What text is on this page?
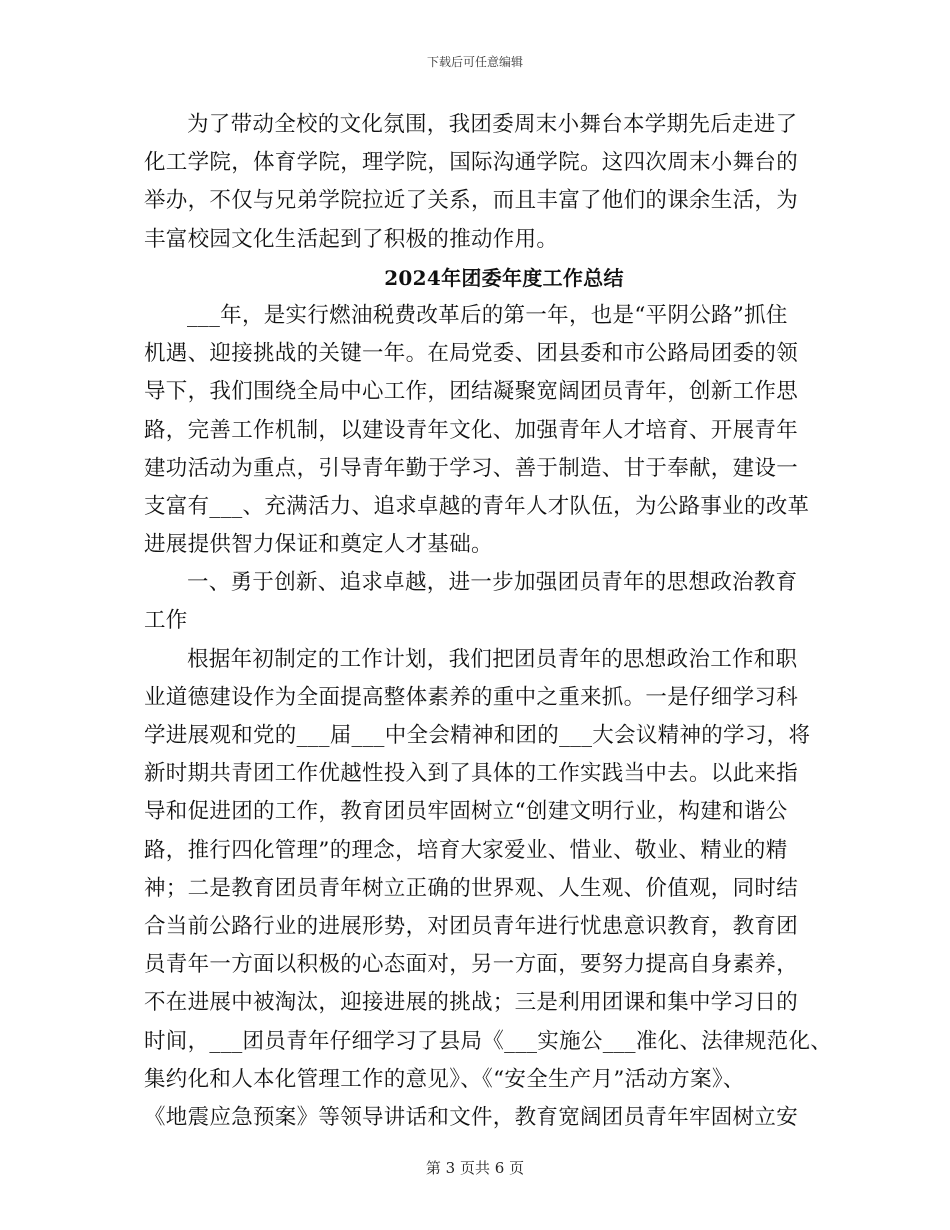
下载后可任意编辑
为了带动全校的文化氛围，我团委周末小舞台本学期先后走进了
化工学院，体育学院，理学院，国际沟通学院。这四次周末小舞台的
举办，不仅与兄弟学院拉近了关系，而且丰富了他们的课余生活，为
丰富校园文化生活起到了积极的推动作用。
2024年团委年度工作总结
___年，是实行燃油税费改革后的第一年，也是“平阴公路”抓住
机遇、迎接挑战的关键一年。在局党委、团县委和市公路局团委的领
导下，我们围绕全局中心工作，团结凝聚宽阔团员青年，创新工作思
路，完善工作机制，以建设青年文化、加强青年人才培育、开展青年
建功活动为重点，引导青年勤于学习、善于制造、甘于奉献，建设一
支富有___、充满活力、追求卓越的青年人才队伍，为公路事业的改革
进展提供智力保证和奠定人才基础。
一、勇于创新、追求卓越，进一步加强团员青年的思想政治教育
工作
根据年初制定的工作计划，我们把团员青年的思想政治工作和职
业道德建设作为全面提高整体素养的重中之重来抓。一是仔细学习科
学进展观和党的___届___中全会精神和团的___大会议精神的学习，将
新时期共青团工作优越性投入到了具体的工作实践当中去。以此来指
导和促进团的工作，教育团员牢固树立“创建文明行业，构建和谐公
路，推行四化管理”的理念，培育大家爱业、惜业、敬业、精业的精
神；二是教育团员青年树立正确的世界观、人生观、价值观，同时结
合当前公路行业的进展形势，对团员青年进行忧患意识教育，教育团
员青年一方面以积极的心态面对，另一方面，要努力提高自身素养，
不在进展中被淘汰，迎接进展的挑战；三是利用团课和集中学习日的
时间，___团员青年仔细学习了县局《___实施公___准化、法律规范化、
集约化和人本化管理工作的意见》、《“安全生产月”活动方案》、
《地震应急预案》等领导讲话和文件，教育宽阔团员青年牢固树立安
第 3 页共 6 页
